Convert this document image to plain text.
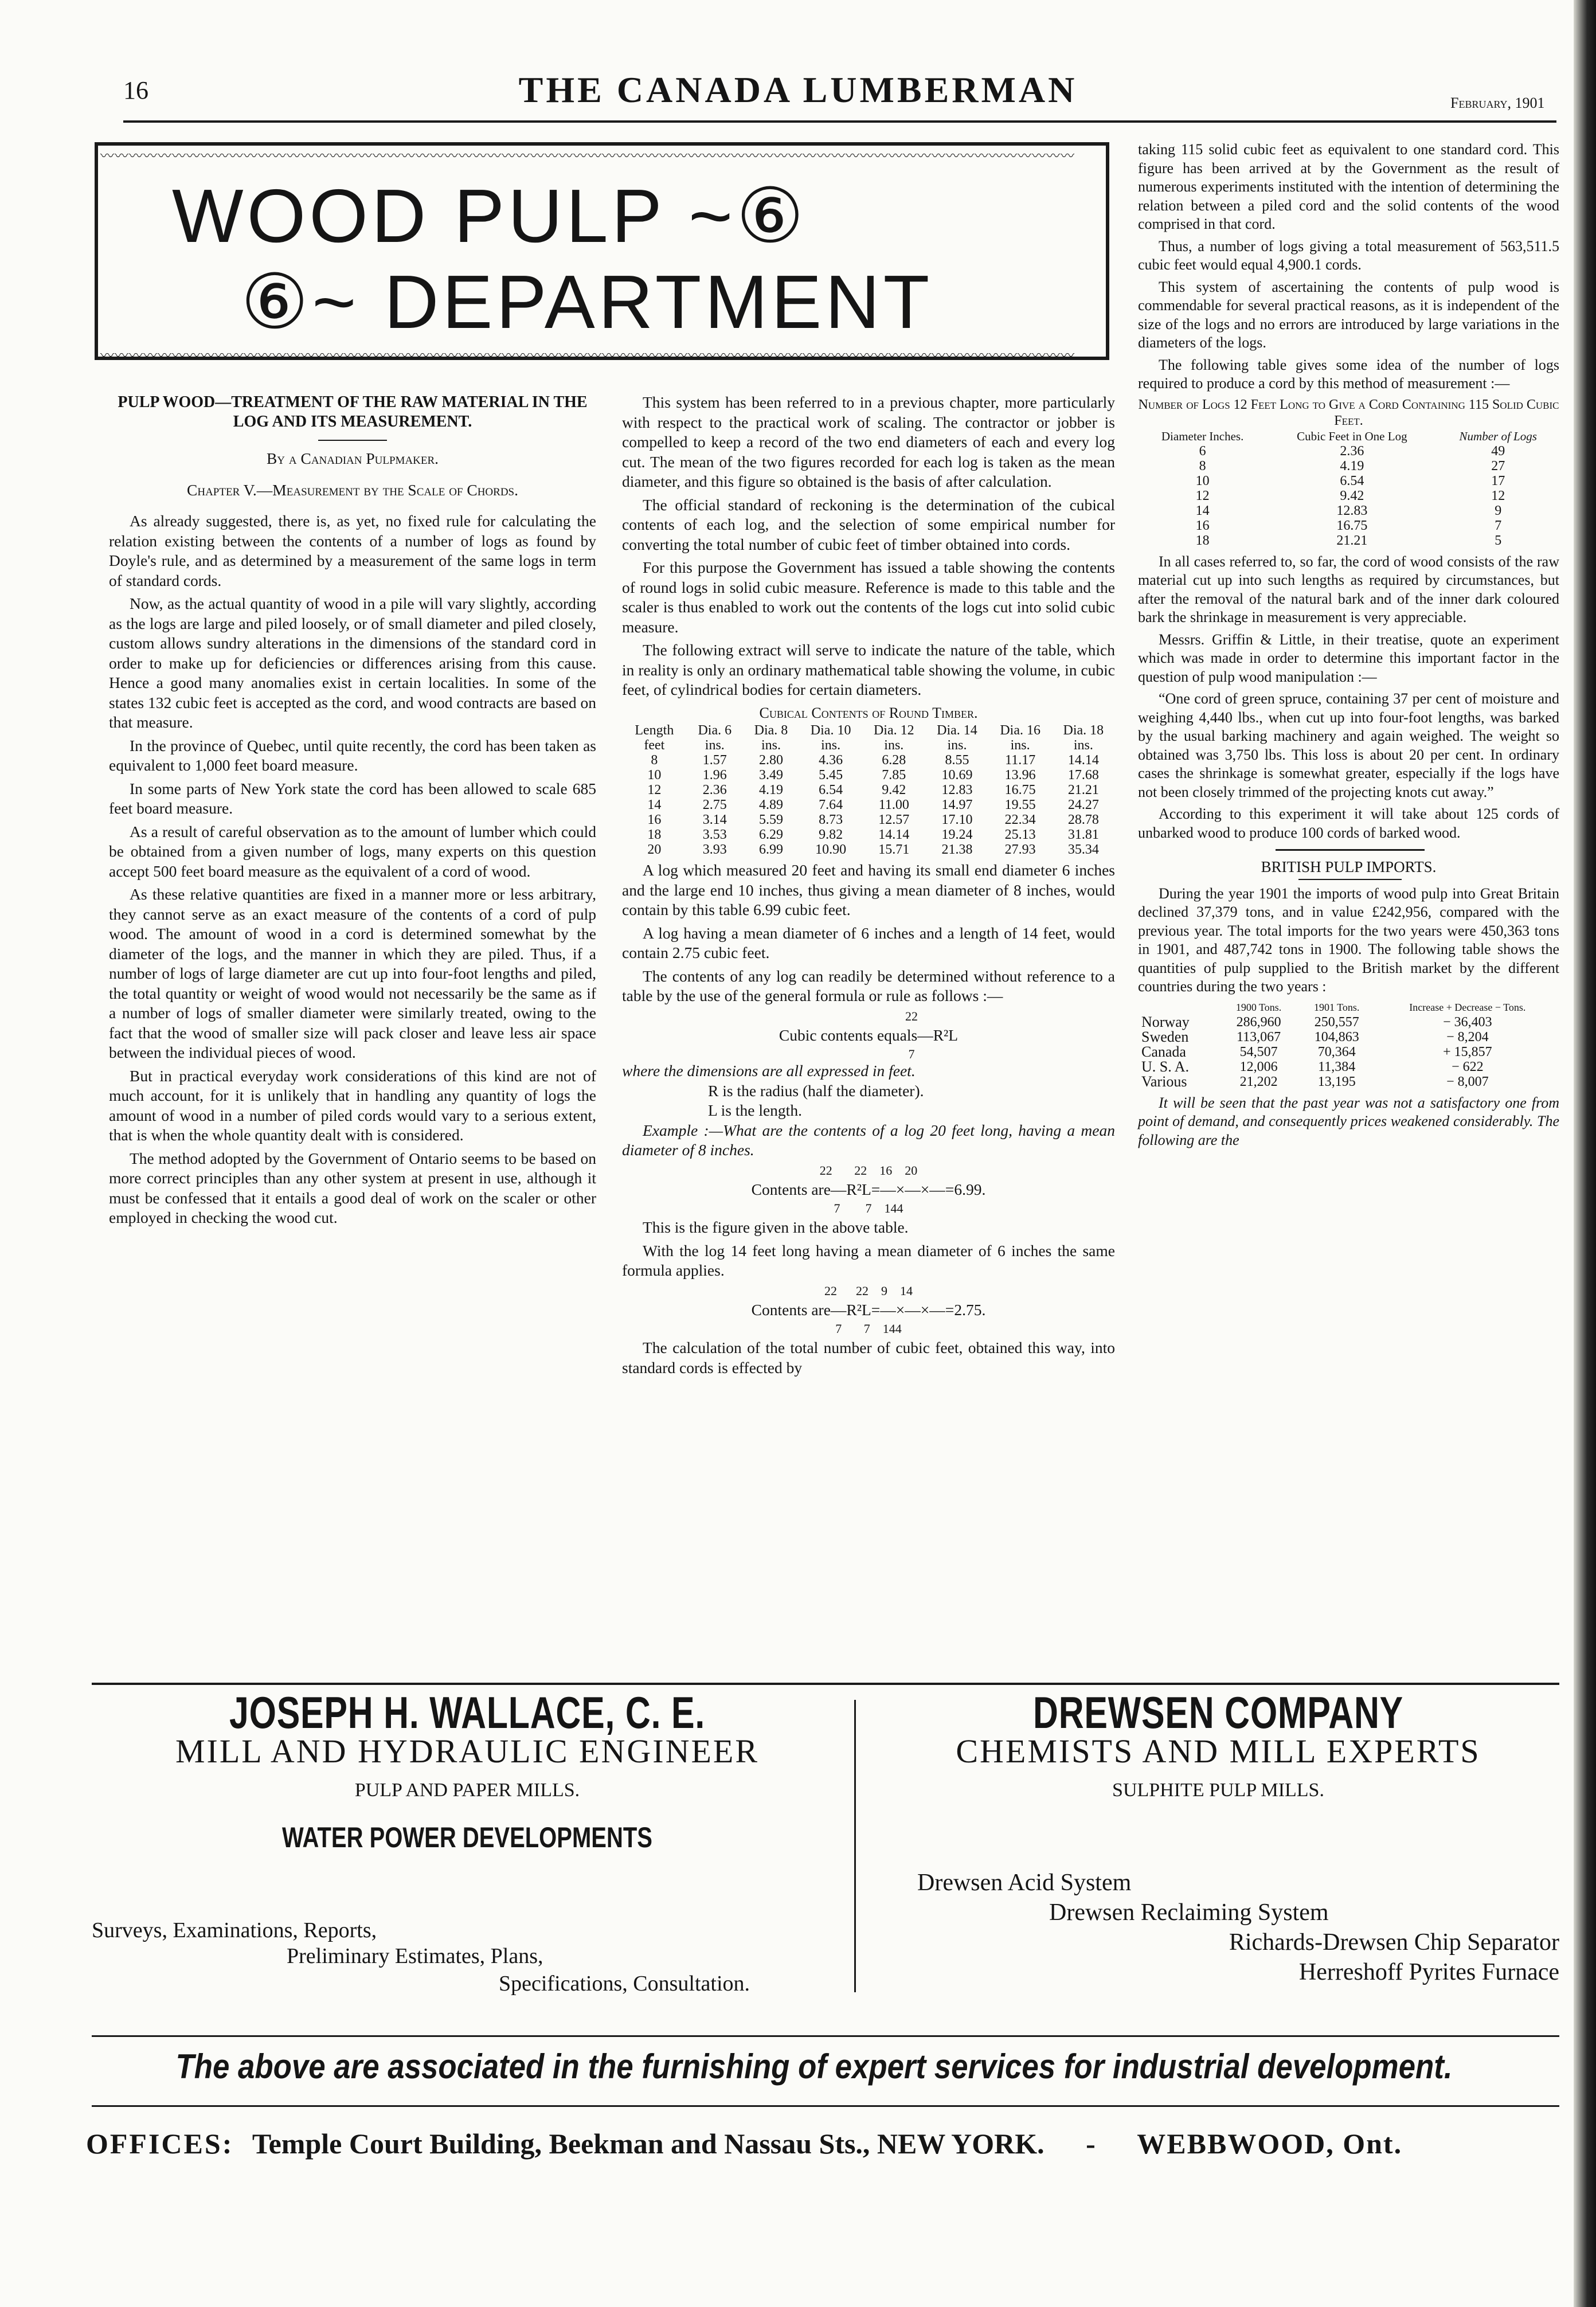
16	THE CANADA LUMBERMAN	February, 1901
〰〰〰〰〰〰〰〰〰〰〰〰〰〰〰〰〰〰〰〰〰〰〰〰〰〰〰〰〰〰〰〰〰〰〰〰〰〰〰〰〰〰〰〰〰〰〰〰〰〰〰〰〰〰〰〰〰〰〰〰〰〰〰〰〰〰〰〰
〰〰〰〰〰〰〰〰〰〰〰〰〰〰〰〰〰〰〰〰〰〰〰〰〰〰〰〰〰〰〰〰〰〰〰〰〰〰〰〰〰〰〰〰〰〰〰〰〰〰〰〰〰〰〰〰〰〰〰〰〰〰〰〰〰〰〰〰
WOOD PULP ~⑥
⑥~ DEPARTMENT
PULP WOOD—TREATMENT OF THE RAW MATERIAL IN THE LOG AND ITS MEASUREMENT.
By a Canadian Pulpmaker.
Chapter V.—Measurement by the Scale of Chords.

As already suggested, there is, as yet, no fixed rule for calculating the relation existing between the contents of a number of logs as found by Doyle's rule, and as determined by a measurement of the same logs in term of standard cords.

Now, as the actual quantity of wood in a pile will vary slightly, according as the logs are large and piled loosely, or of small diameter and piled closely, custom allows sundry alterations in the dimensions of the standard cord in order to make up for deficiencies or differences arising from this cause. Hence a good many anomalies exist in certain localities. In some of the states 132 cubic feet is accepted as the cord, and wood contracts are based on that measure.

In the province of Quebec, until quite recently, the cord has been taken as equivalent to 1,000 feet board measure.

In some parts of New York state the cord has been allowed to scale 685 feet board measure.

As a result of careful observation as to the amount of lumber which could be obtained from a given number of logs, many experts on this question accept 500 feet board measure as the equivalent of a cord of wood.

As these relative quantities are fixed in a manner more or less arbitrary, they cannot serve as an exact measure of the contents of a cord of pulp wood. The amount of wood in a cord is determined somewhat by the diameter of the logs, and the manner in which they are piled. Thus, if a number of logs of large diameter are cut up into four-foot lengths and piled, the total quantity or weight of wood would not necessarily be the same as if a number of logs of smaller diameter were similarly treated, owing to the fact that the wood of smaller size will pack closer and leave less air space between the individual pieces of wood.

But in practical everyday work considerations of this kind are not of much account, for it is unlikely that in handling any quantity of logs the amount of wood in a number of piled cords would vary to a serious extent, that is when the whole quantity dealt with is considered.

The method adopted by the Government of Ontario seems to be based on more correct principles than any other system at present in use, although it must be confessed that it entails a good deal of work on the scaler or other employed in checking the wood cut.

This system has been referred to in a previous chapter, more particularly with respect to the practical work of scaling. The contractor or jobber is compelled to keep a record of the two end diameters of each and every log cut. The mean of the two figures recorded for each log is taken as the mean diameter, and this figure so obtained is the basis of after calculation.

The official standard of reckoning is the determination of the cubical contents of each log, and the selection of some empirical number for converting the total number of cubic feet of timber obtained into cords.

For this purpose the Government has issued a table showing the contents of round logs in solid cubic measure. Reference is made to this table and the scaler is thus enabled to work out the contents of the logs cut into solid cubic measure.

The following extract will serve to indicate the nature of the table, which in reality is only an ordinary mathematical table showing the volume, in cubic feet, of cylindrical bodies for certain diameters.

Cubical Contents of Round Timber.
Length feet	Dia. 6 ins.	Dia. 8 ins.	Dia. 10 ins.	Dia. 12 ins.	Dia. 14 ins.	Dia. 16 ins.	Dia. 18 ins.
8	1.57	2.80	4.36	6.28	8.55	11.17	14.14
10	1.96	3.49	5.45	7.85	10.69	13.96	17.68
12	2.36	4.19	6.54	9.42	12.83	16.75	21.21
14	2.75	4.89	7.64	11.00	14.97	19.55	24.27
16	3.14	5.59	8.73	12.57	17.10	22.34	28.78
18	3.53	6.29	9.82	14.14	19.24	25.13	31.81
20	3.93	6.99	10.90	15.71	21.38	27.93	35.34

A log which measured 20 feet and having its small end diameter 6 inches and the large end 10 inches, thus giving a mean diameter of 8 inches, would contain by this table 6.99 cubic feet.

A log having a mean diameter of 6 inches and a length of 14 feet, would contain 2.75 cubic feet.

The contents of any log can readily be determined without reference to a table by the use of the general formula or rule as follows :—

22
Cubic contents equals—R²L
7
where the dimensions are all expressed in feet.
R is the radius (half the diameter).
L is the length.

Example :—What are the contents of a log 20 feet long, having a mean diameter of 8 inches.

22       22    16    20
Contents are—R²L=—×—×—=6.99.
7        7    144

This is the figure given in the above table.

With the log 14 feet long having a mean diameter of 6 inches the same formula applies.

22      22    9    14
Contents are—R²L=—×—×—=2.75.
7       7    144

The calculation of the total number of cubic feet, obtained this way, into standard cords is effected by

taking 115 solid cubic feet as equivalent to one standard cord. This figure has been arrived at by the Government as the result of numerous experiments instituted with the intention of determining the relation between a piled cord and the solid contents of the wood comprised in that cord.

Thus, a number of logs giving a total measurement of 563,511.5 cubic feet would equal 4,900.1 cords.

This system of ascertaining the contents of pulp wood is commendable for several practical reasons, as it is independent of the size of the logs and no errors are introduced by large variations in the diameters of the logs.

The following table gives some idea of the number of logs required to produce a cord by this method of measurement :—

Number of Logs 12 Feet Long to Give a Cord Containing 115 Solid Cubic Feet.
Diameter Inches.	Cubic Feet in One Log	Number of Logs
6	2.36	49
8	4.19	27
10	6.54	17
12	9.42	12
14	12.83	9
16	16.75	7
18	21.21	5

In all cases referred to, so far, the cord of wood consists of the raw material cut up into such lengths as required by circumstances, but after the removal of the natural bark and of the inner dark coloured bark the shrinkage in measurement is very appreciable.

Messrs. Griffin & Little, in their treatise, quote an experiment which was made in order to determine this important factor in the question of pulp wood manipulation :—

“One cord of green spruce, containing 37 per cent of moisture and weighing 4,440 lbs., when cut up into four-foot lengths, was barked by the usual barking machinery and again weighed. The weight so obtained was 3,750 lbs. This loss is about 20 per cent. In ordinary cases the shrinkage is somewhat greater, especially if the logs have not been closely trimmed of the projecting knots cut away.”

According to this experiment it will take about 125 cords of unbarked wood to produce 100 cords of barked wood.

BRITISH PULP IMPORTS.

During the year 1901 the imports of wood pulp into Great Britain declined 37,379 tons, and in value £242,956, compared with the previous year. The total imports for the two years were 450,363 tons in 1901, and 487,742 tons in 1900. The following table shows the quantities of pulp supplied to the British market by the different countries during the two years :

	1900 Tons.	1901 Tons.	Increase + Decrease − Tons.
Norway	286,960	250,557	− 36,403
Sweden	113,067	104,863	− 8,204
Canada	54,507	70,364	+ 15,857
U. S. A.	12,006	11,384	− 622
Various	21,202	13,195	− 8,007

It will be seen that the past year was not a satisfactory one from point of demand, and consequently prices weakened considerably. The following are the

JOSEPH H. WALLACE, C. E.
MILL AND HYDRAULIC ENGINEER
PULP AND PAPER MILLS.
WATER POWER DEVELOPMENTS
Surveys, Examinations, Reports,
Preliminary Estimates, Plans,
Specifications, Consultation.
DREWSEN COMPANY
CHEMISTS AND MILL EXPERTS
SULPHITE PULP MILLS.
Drewsen Acid System
Drewsen Reclaiming System
Richards-Drewsen Chip Separator
Herreshoff Pyrites Furnace
The above are associated in the furnishing of expert services for industrial development.
OFFICES: Temple Court Building, Beekman and Nassau Sts., NEW YORK. - WEBBWOOD, Ont.
